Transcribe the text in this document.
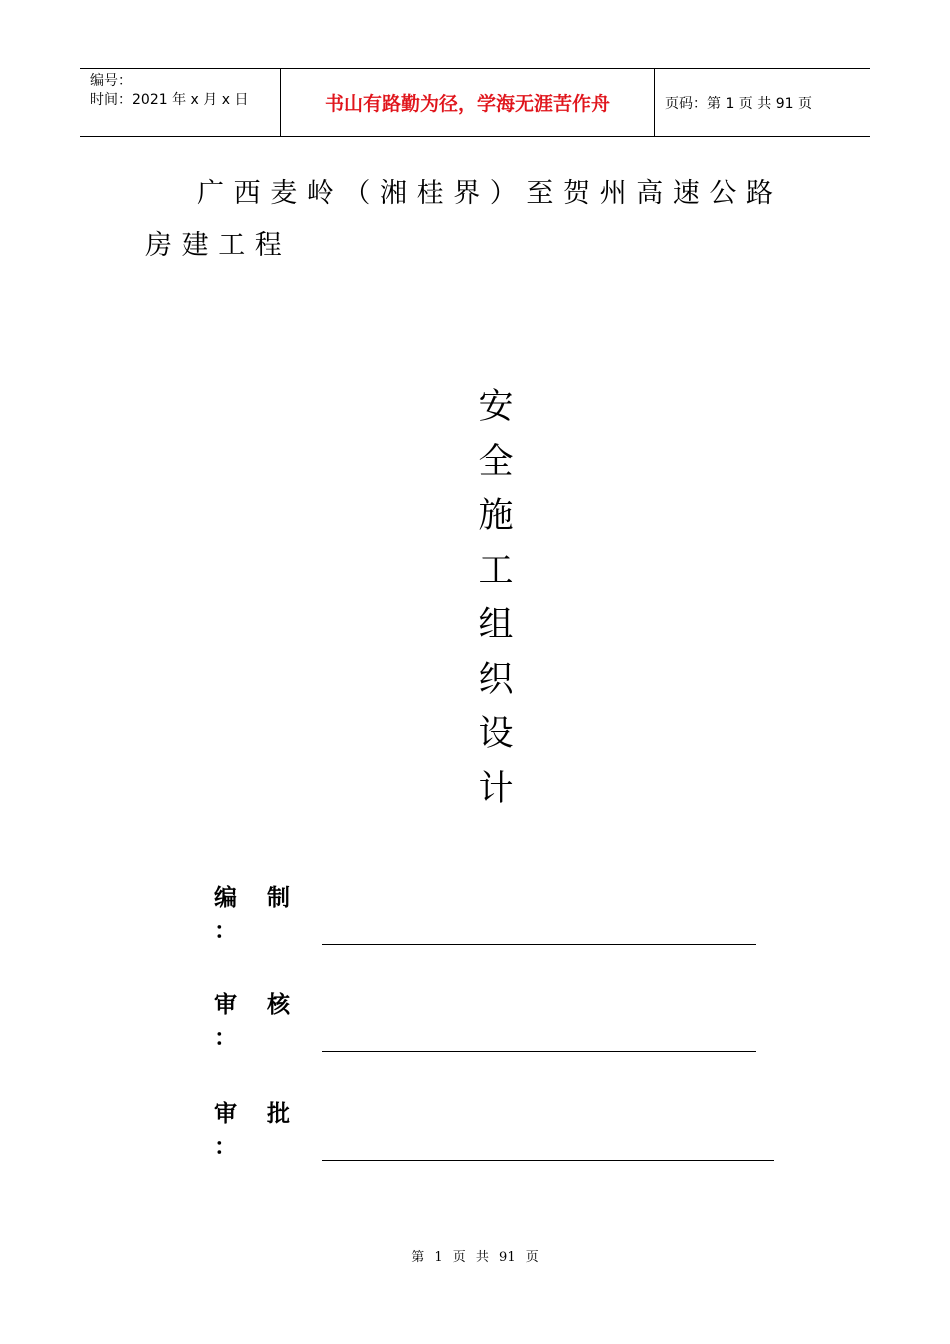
编号：
时间：2021 年 x 月 x 日	书山有路勤为径，学海无涯苦作舟	页码：第 1 页 共 91 页
广西麦岭（湘桂界）至贺州高速公路房建工程
安
全
施
工
组
织
设
计
编 制 ：
审 核 ：
审 批 ：
第 1 页 共 91 页
